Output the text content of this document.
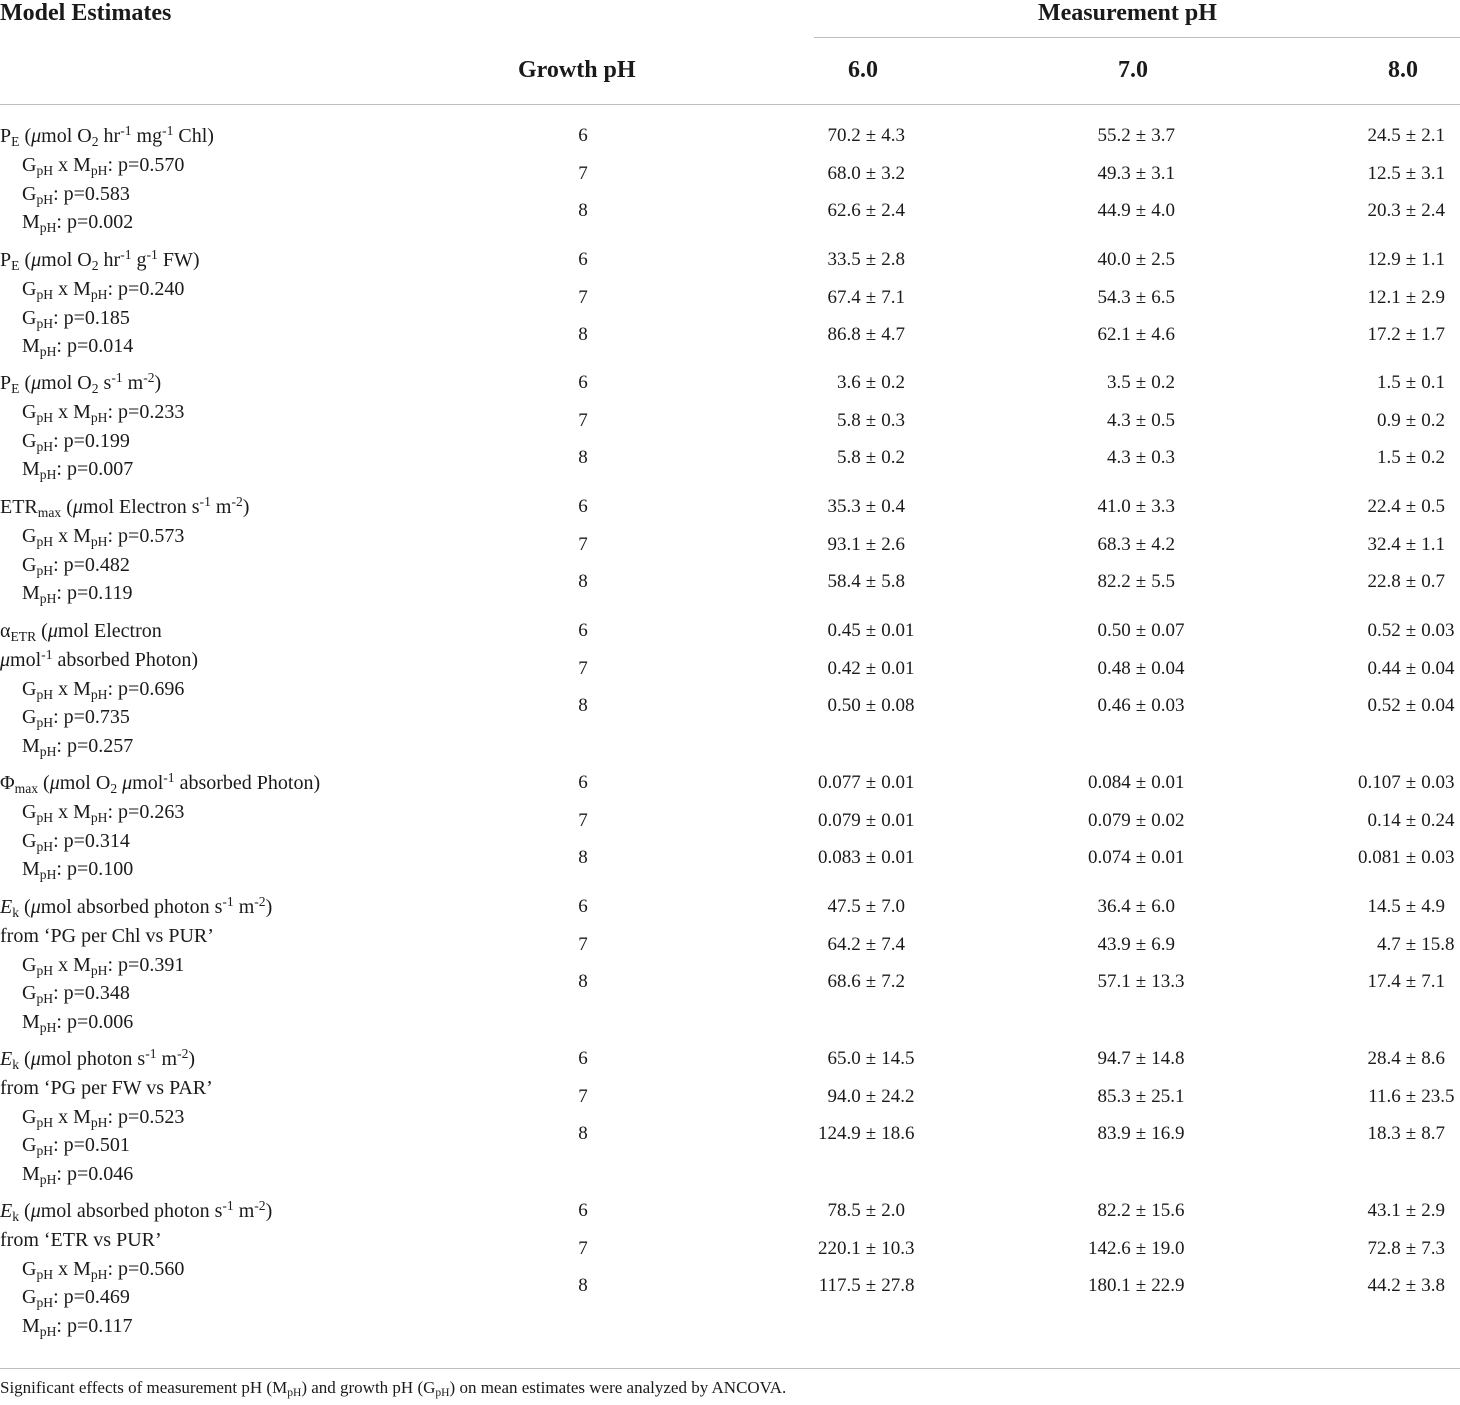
Model Estimates	Measurement pH
Growth pH	6.0	7.0	8.0
$P_E$ (μmol $O_2$ $hr^{-1}$ $mg^{-1}$ Chl)
$G_{pH}$ x $M_{pH}$: p=0.570
$G_{pH}$: p=0.583
$M_{pH}$: p=0.002
6	70.2 ± 4.3	55.2 ± 3.7	24.5 ± 2.1
7	68.0 ± 3.2	49.3 ± 3.1	12.5 ± 3.1
8	62.6 ± 2.4	44.9 ± 4.0	20.3 ± 2.4
$P_E$ (μmol $O_2$ $hr^{-1}$ $g^{-1}$ FW)
$G_{pH}$ x $M_{pH}$: p=0.240
$G_{pH}$: p=0.185
$M_{pH}$: p=0.014
6	33.5 ± 2.8	40.0 ± 2.5	12.9 ± 1.1
7	67.4 ± 7.1	54.3 ± 6.5	12.1 ± 2.9
8	86.8 ± 4.7	62.1 ± 4.6	17.2 ± 1.7
$P_E$ (μmol $O_2$ $s^{-1}$ $m^{-2}$)
$G_{pH}$ x $M_{pH}$: p=0.233
$G_{pH}$: p=0.199
$M_{pH}$: p=0.007
6	3.6 ± 0.2	3.5 ± 0.2	1.5 ± 0.1
7	5.8 ± 0.3	4.3 ± 0.5	0.9 ± 0.2
8	5.8 ± 0.2	4.3 ± 0.3	1.5 ± 0.2
$ETR_{max}$ (μmol Electron $s^{-1}$ $m^{-2}$)
$G_{pH}$ x $M_{pH}$: p=0.573
$G_{pH}$: p=0.482
$M_{pH}$: p=0.119
6	35.3 ± 0.4	41.0 ± 3.3	22.4 ± 0.5
7	93.1 ± 2.6	68.3 ± 4.2	32.4 ± 1.1
8	58.4 ± 5.8	82.2 ± 5.5	22.8 ± 0.7
$\alpha_{ETR}$ (μmol Electron
μmol$^{-1}$ absorbed Photon)
$G_{pH}$ x $M_{pH}$: p=0.696
$G_{pH}$: p=0.735
$M_{pH}$: p=0.257
6	0.45 ± 0.01	0.50 ± 0.07	0.52 ± 0.03
7	0.42 ± 0.01	0.48 ± 0.04	0.44 ± 0.04
8	0.50 ± 0.08	0.46 ± 0.03	0.52 ± 0.04
$\Phi_{max}$ (μmol $O_2$ μmol$^{-1}$ absorbed Photon)
$G_{pH}$ x $M_{pH}$: p=0.263
$G_{pH}$: p=0.314
$M_{pH}$: p=0.100
6	0.077 ± 0.01	0.084 ± 0.01	0.107 ± 0.03
7	0.079 ± 0.01	0.079 ± 0.02	0.14 ± 0.24
8	0.083 ± 0.01	0.074 ± 0.01	0.081 ± 0.03
$E_k$ (μmol absorbed photon $s^{-1}$ $m^{-2}$)
from ‘PG per Chl vs PUR’
$G_{pH}$ x $M_{pH}$: p=0.391
$G_{pH}$: p=0.348
$M_{pH}$: p=0.006
6	47.5 ± 7.0	36.4 ± 6.0	14.5 ± 4.9
7	64.2 ± 7.4	43.9 ± 6.9	4.7 ± 15.8
8	68.6 ± 7.2	57.1 ± 13.3	17.4 ± 7.1
$E_k$ (μmol photon $s^{-1}$ $m^{-2}$)
from ‘PG per FW vs PAR’
$G_{pH}$ x $M_{pH}$: p=0.523
$G_{pH}$: p=0.501
$M_{pH}$: p=0.046
6	65.0 ± 14.5	94.7 ± 14.8	28.4 ± 8.6
7	94.0 ± 24.2	85.3 ± 25.1	11.6 ± 23.5
8	124.9 ± 18.6	83.9 ± 16.9	18.3 ± 8.7
$E_k$ (μmol absorbed photon $s^{-1}$ $m^{-2}$)
from ‘ETR vs PUR’
$G_{pH}$ x $M_{pH}$: p=0.560
$G_{pH}$: p=0.469
$M_{pH}$: p=0.117
6	78.5 ± 2.0	82.2 ± 15.6	43.1 ± 2.9
7	220.1 ± 10.3	142.6 ± 19.0	72.8 ± 7.3
8	117.5 ± 27.8	180.1 ± 22.9	44.2 ± 3.8
Significant effects of measurement pH $(M_{pH})$ and growth pH $(G_{pH})$ on mean estimates were analyzed by ANCOVA.
